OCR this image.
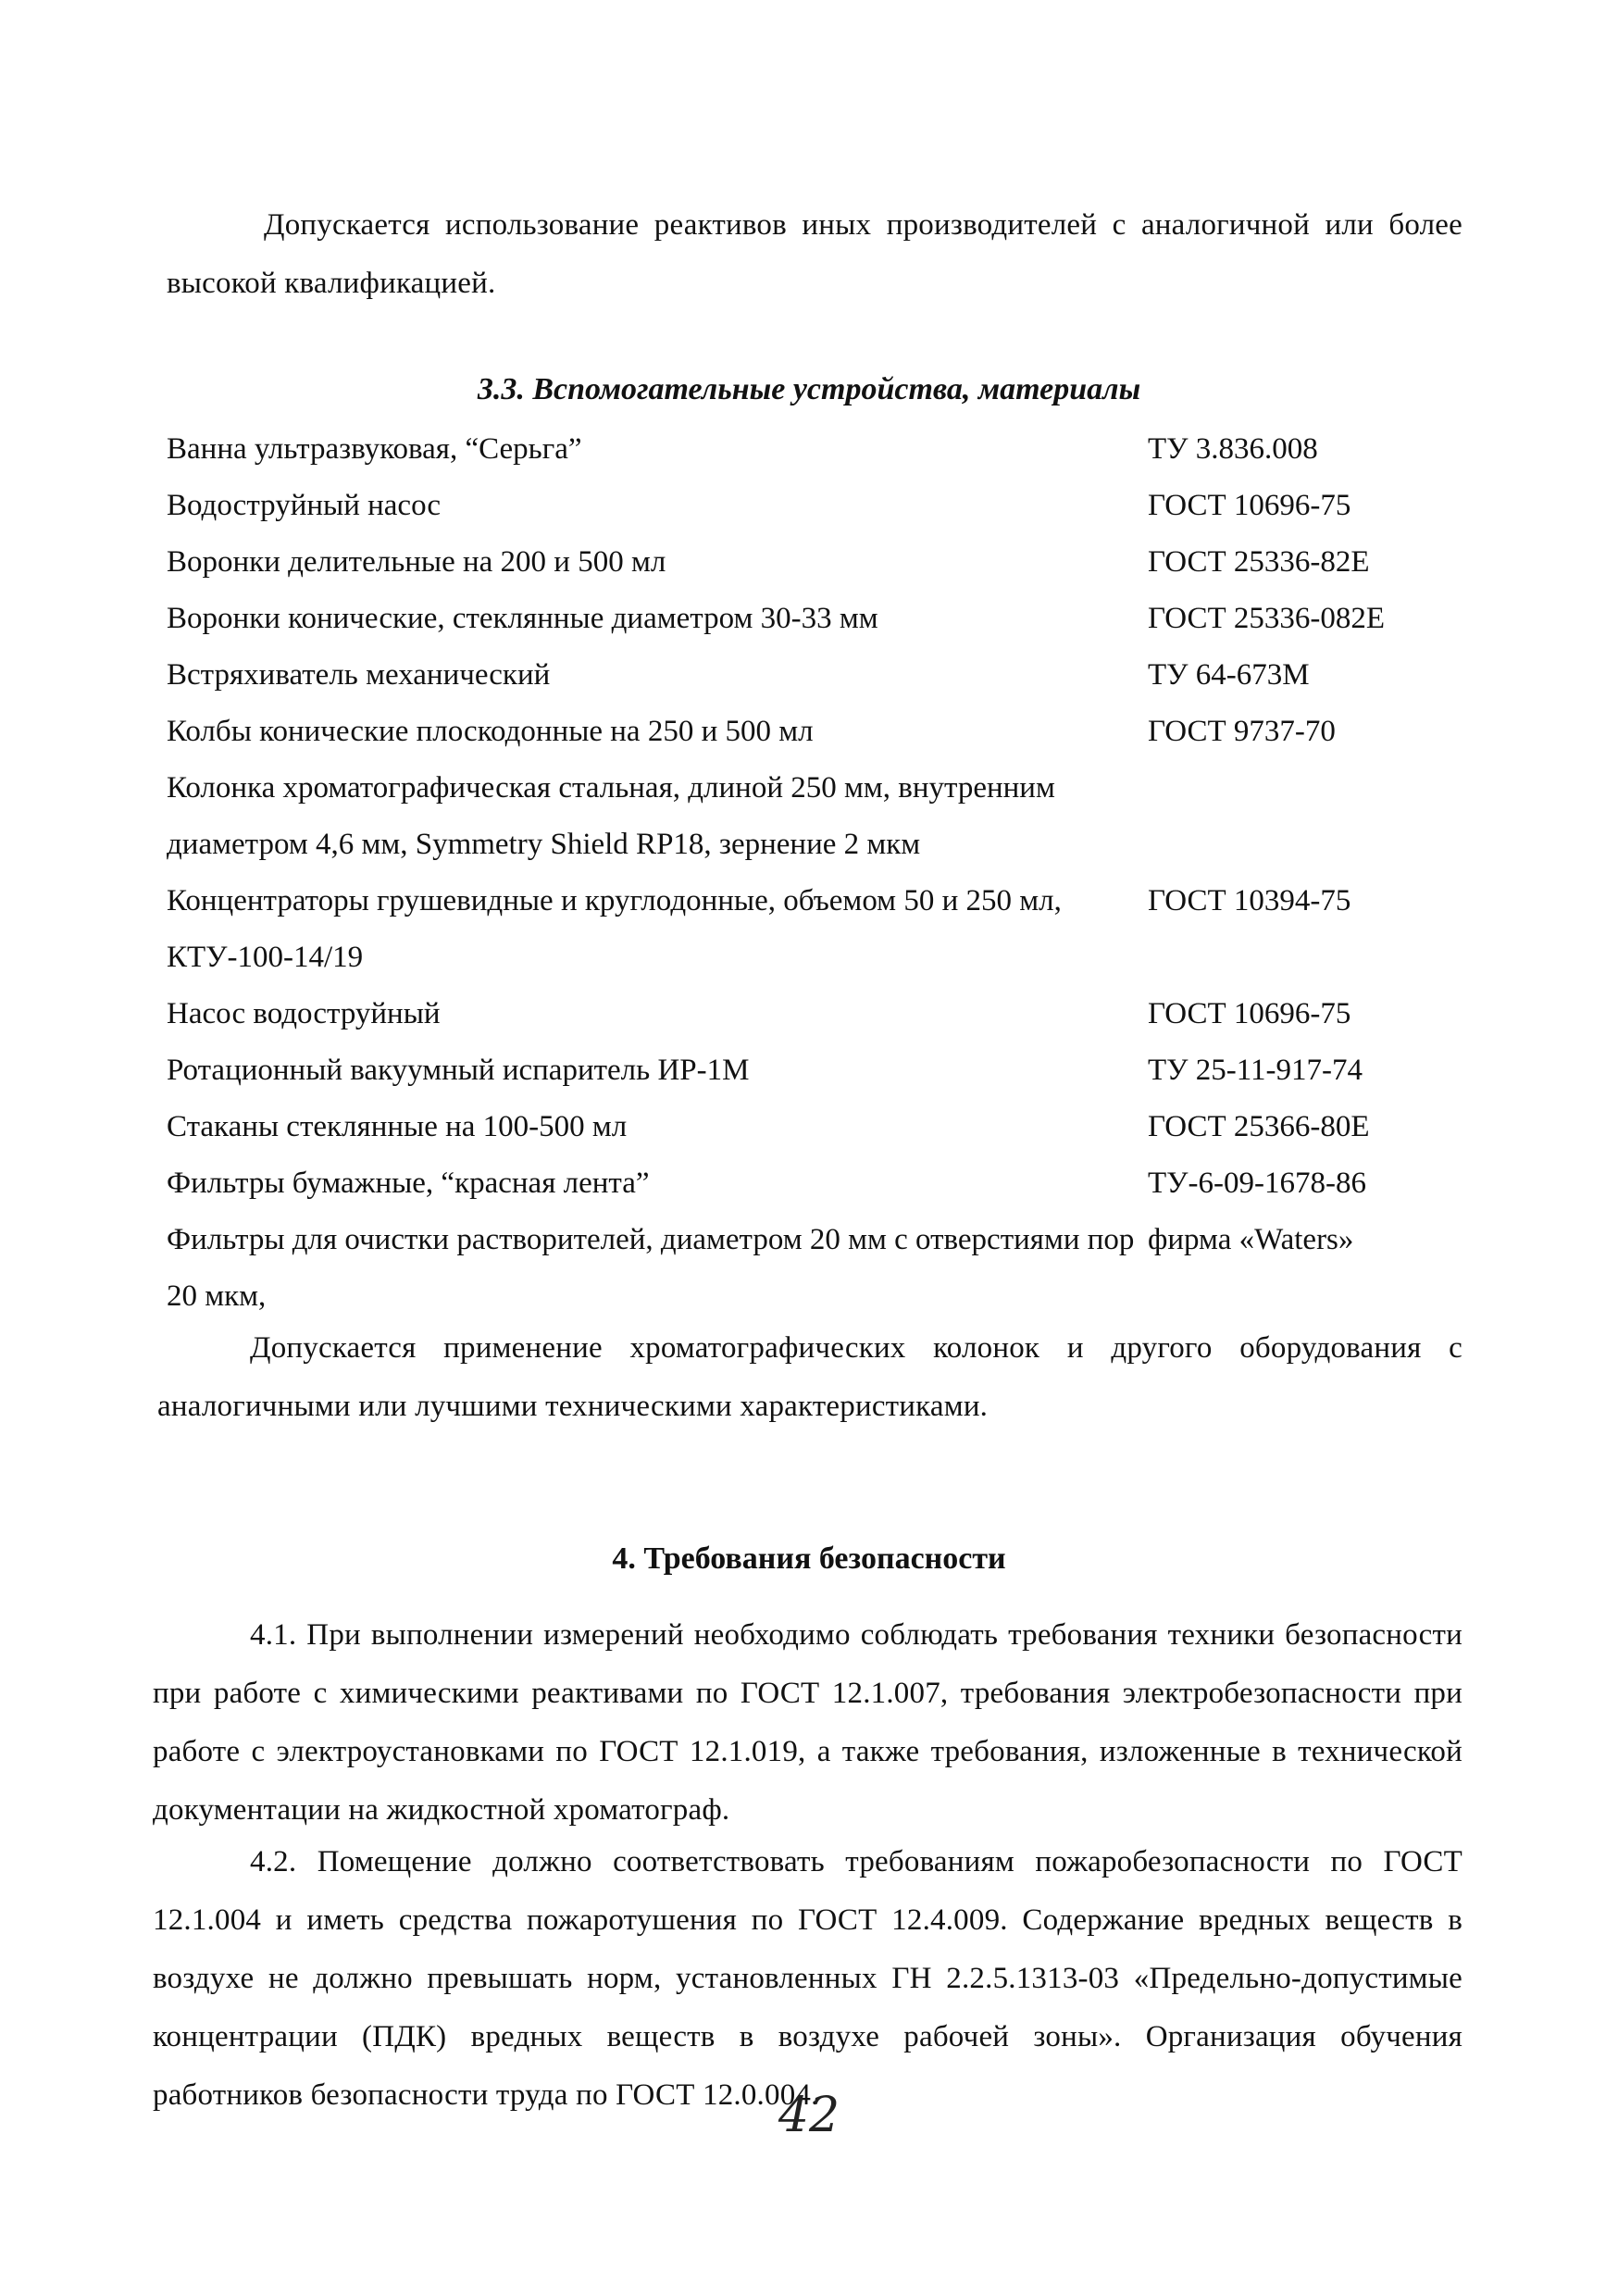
Допускается использование реактивов иных производителей с аналогичной или более высокой квалификацией.

3.3. Вспомогательные устройства, материалы
Ванна ультразвуковая, “Серьга”	ТУ 3.836.008
Водоструйный насос	ГОСТ 10696-75
Воронки делительные на 200 и 500 мл	ГОСТ 25336-82Е
Воронки конические, стеклянные диаметром 30-33 мм	ГОСТ 25336-082Е
Встряхиватель механический	ТУ 64-673М
Колбы конические плоскодонные на 250 и 500 мл	ГОСТ 9737-70
Колонка хроматографическая стальная, длиной 250 мм, внутренним диаметром 4,6 мм, Symmetry Shield RP18, зернение 2 мкм	
Концентраторы грушевидные и круглодонные, объемом 50 и 250 мл, КТУ-100-14/19	ГОСТ 10394-75
Насос водоструйный	ГОСТ 10696-75
Ротационный вакуумный испаритель ИР-1М	ТУ 25-11-917-74
Стаканы стеклянные на 100-500 мл	ГОСТ 25366-80Е
Фильтры бумажные, “красная лента”	ТУ-6-09-1678-86
Фильтры для очистки растворителей, диаметром 20 мм с отверстиями пор 20 мкм,	фирма «Waters»

Допускается применение хроматографических колонок и другого оборудования с аналогичными или лучшими техническими характеристиками.

4. Требования безопасности

4.1. При выполнении измерений необходимо соблюдать требования техники безопасности при работе с химическими реактивами по ГОСТ 12.1.007, требования электробезопасности при работе с электроустановками по ГОСТ 12.1.019, а также требования, изложенные в технической документации на жидкостной хроматограф.

4.2. Помещение должно соответствовать требованиям пожаробезопасности по ГОСТ 12.1.004 и иметь средства пожаротушения по ГОСТ 12.4.009. Содержание вредных веществ в воздухе не должно превышать норм, установленных ГН 2.2.5.1313-03 «Предельно-допустимые концентрации (ПДК) вредных веществ в воздухе рабочей зоны». Организация обучения работников безопасности труда по ГОСТ 12.0.004.

42
